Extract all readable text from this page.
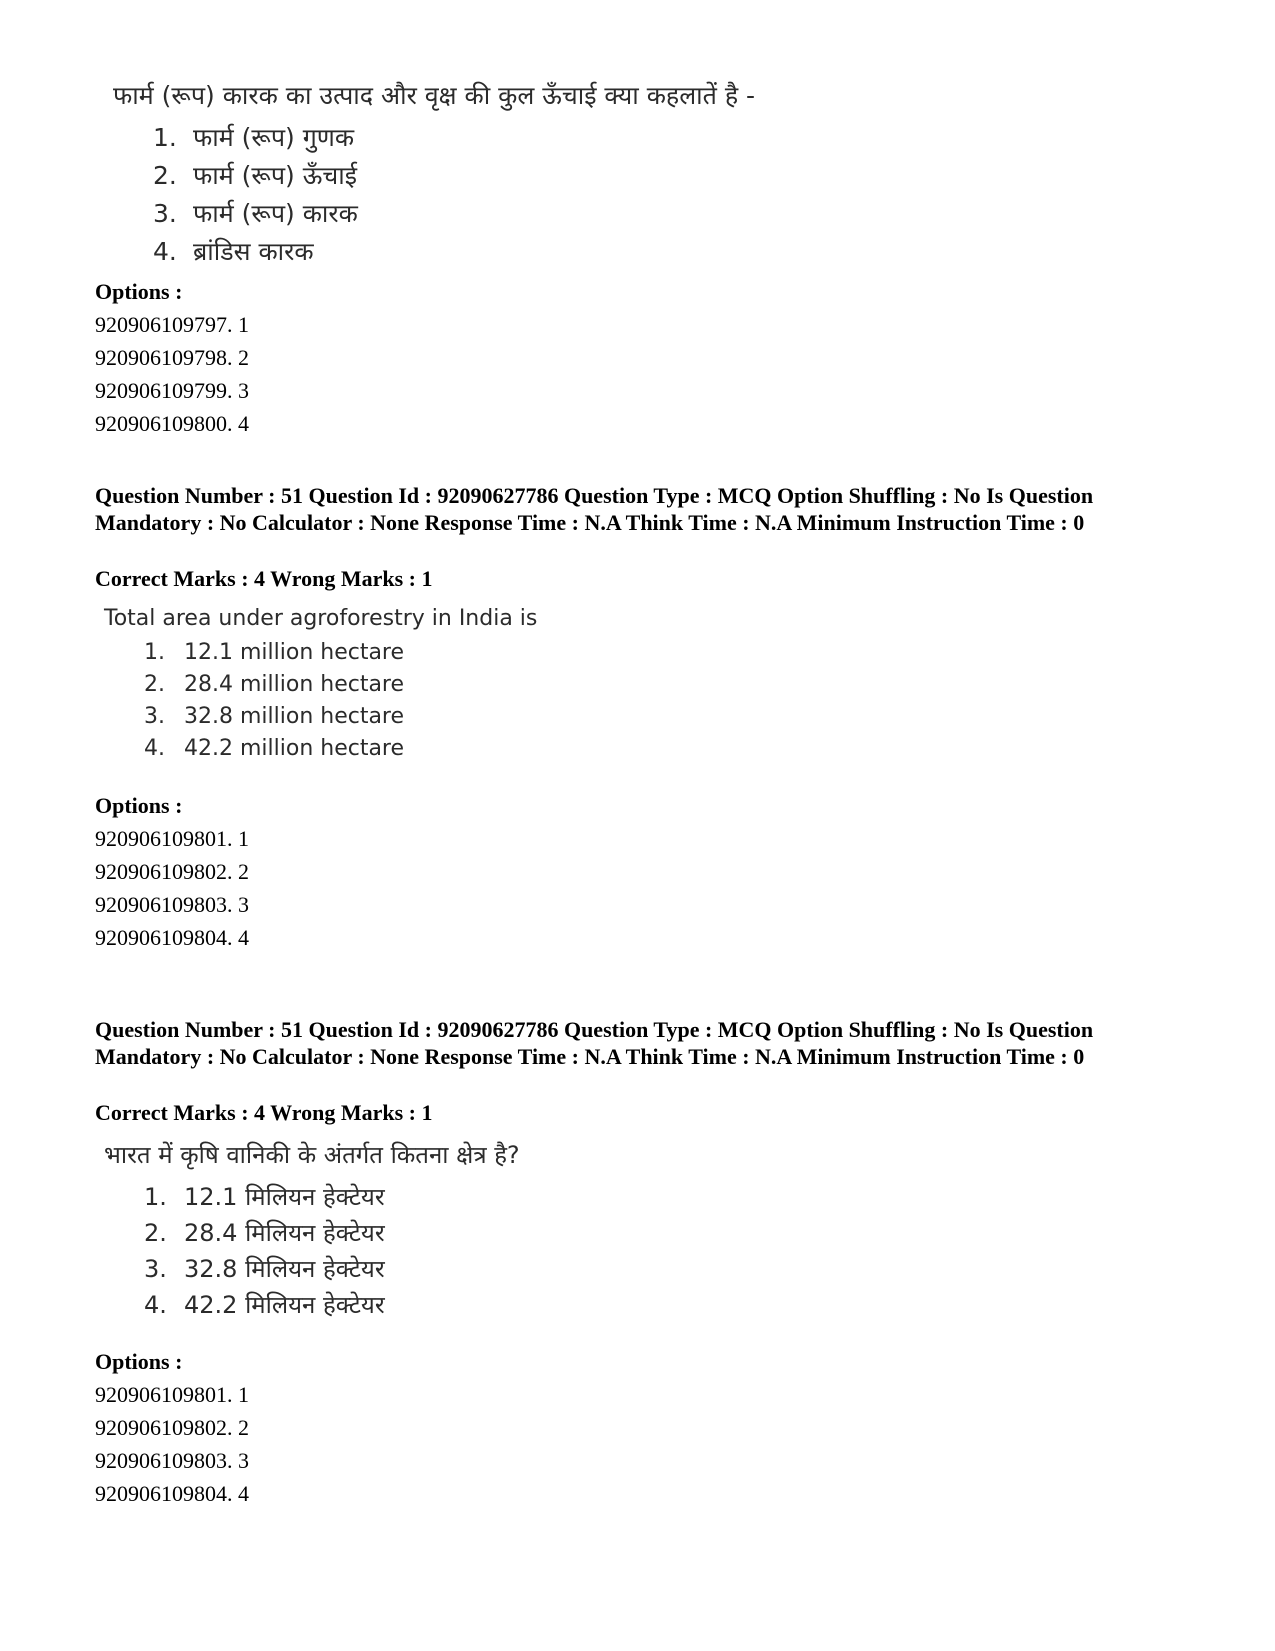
फार्म (रूप) कारक का उत्पाद और वृक्ष की कुल ऊँचाई क्या कहलातें है -
1. फार्म (रूप) गुणक
2. फार्म (रूप) ऊँचाई
3. फार्म (रूप) कारक
4. ब्रांडिस कारक
Options :
920906109797. 1
920906109798. 2
920906109799. 3
920906109800. 4
Question Number : 51 Question Id : 92090627786 Question Type : MCQ Option Shuffling : No Is Question Mandatory : No Calculator : None Response Time : N.A Think Time : N.A Minimum Instruction Time : 0
Correct Marks : 4 Wrong Marks : 1
Total area under agroforestry in India is
1. 12.1 million hectare
2. 28.4 million hectare
3. 32.8 million hectare
4. 42.2 million hectare
Options :
920906109801. 1
920906109802. 2
920906109803. 3
920906109804. 4
Question Number : 51 Question Id : 92090627786 Question Type : MCQ Option Shuffling : No Is Question Mandatory : No Calculator : None Response Time : N.A Think Time : N.A Minimum Instruction Time : 0
Correct Marks : 4 Wrong Marks : 1
भारत में कृषि वानिकी के अंतर्गत कितना क्षेत्र है?
1. 12.1 मिलियन हेक्टेयर
2. 28.4 मिलियन हेक्टेयर
3. 32.8 मिलियन हेक्टेयर
4. 42.2 मिलियन हेक्टेयर
Options :
920906109801. 1
920906109802. 2
920906109803. 3
920906109804. 4
